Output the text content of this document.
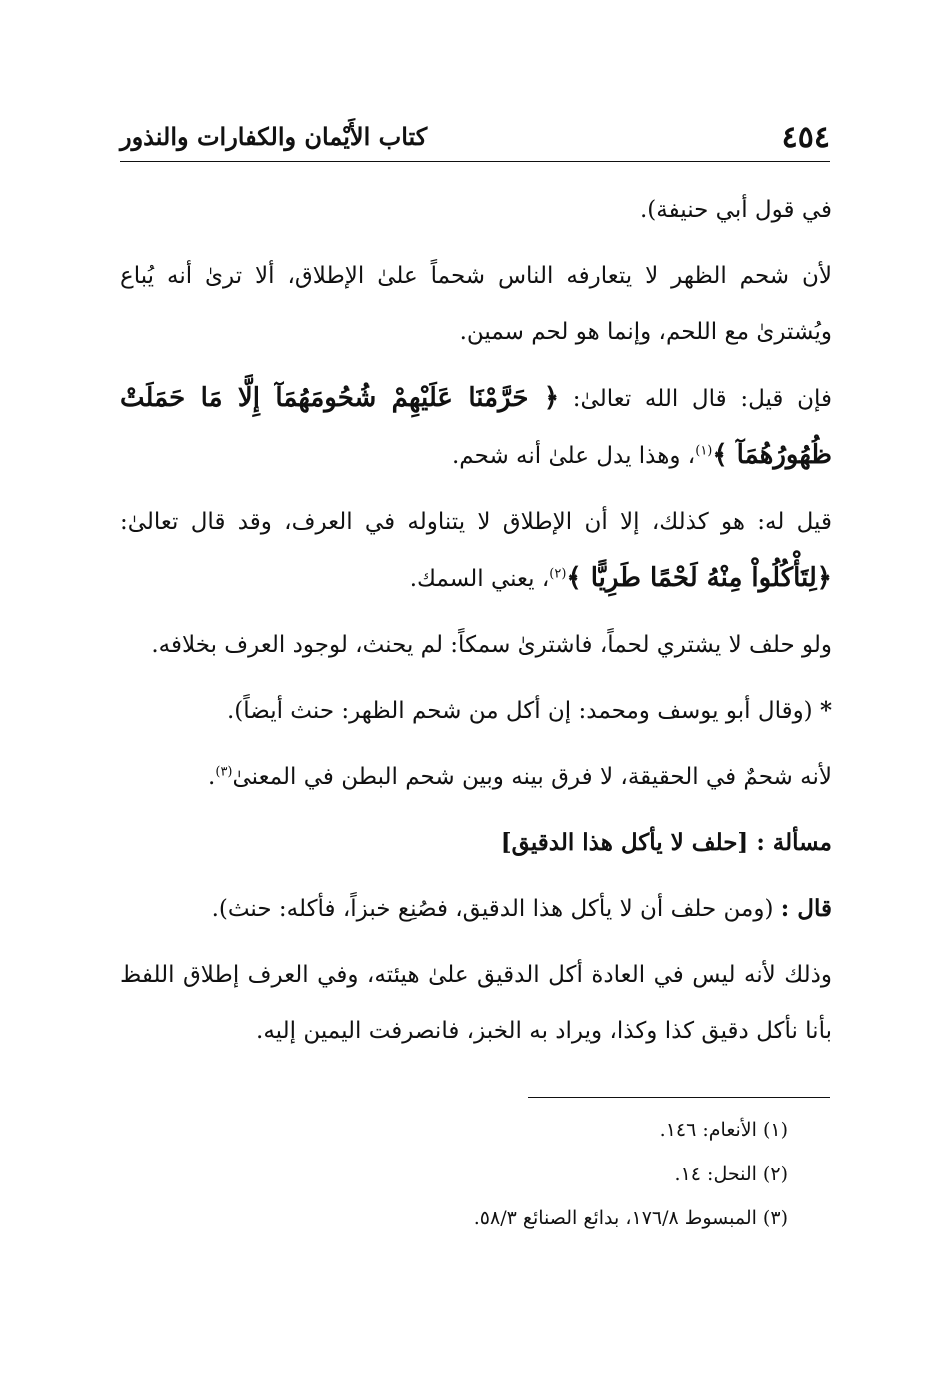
٤٥٤
كتاب الأَيْمان والكفارات والنذور

في قول أبي حنيفة).

لأن شحم الظهر لا يتعارفه الناس شحماً علىٰ الإطلاق، ألا ترىٰ أنه يُباع ويُشترىٰ مع اللحم، وإنما هو لحم سمين.

فإن قيل: قال الله تعالىٰ: ﴿ حَرَّمْنَا عَلَيْهِمْ شُحُومَهُمَآ إِلَّا مَا حَمَلَتْ ظُهُورُهُمَآ ﴾$^{(١)}$، وهذا يدل علىٰ أنه شحم.

قيل له: هو كذلك، إلا أن الإطلاق لا يتناوله في العرف، وقد قال تعالىٰ: ﴿لِتَأْكُلُواْ مِنْهُ لَحْمًا طَرِيًّا ﴾$^{(٢)}$، يعني السمك.

ولو حلف لا يشتري لحماً، فاشترىٰ سمكاً: لم يحنث، لوجود العرف بخلافه.

* (وقال أبو يوسف ومحمد: إن أكل من شحم الظهر: حنث أيضاً).

لأنه شحمٌ في الحقيقة، لا فرق بينه وبين شحم البطن في المعنىٰ$^{(٣)}$.

مسألة : [حلف لا يأكل هذا الدقيق]

قال : (ومن حلف أن لا يأكل هذا الدقيق، فصُنِع خبزاً، فأكله: حنث).

وذلك لأنه ليس في العادة أكل الدقيق علىٰ هيئته، وفي العرف إطلاق اللفظ بأنا نأكل دقيق كذا وكذا، ويراد به الخبز، فانصرفت اليمين إليه.

(١) الأنعام: ١٤٦.
(٢) النحل: ١٤.
(٣) المبسوط ١٧٦/٨، بدائع الصنائع ٥٨/٣.
